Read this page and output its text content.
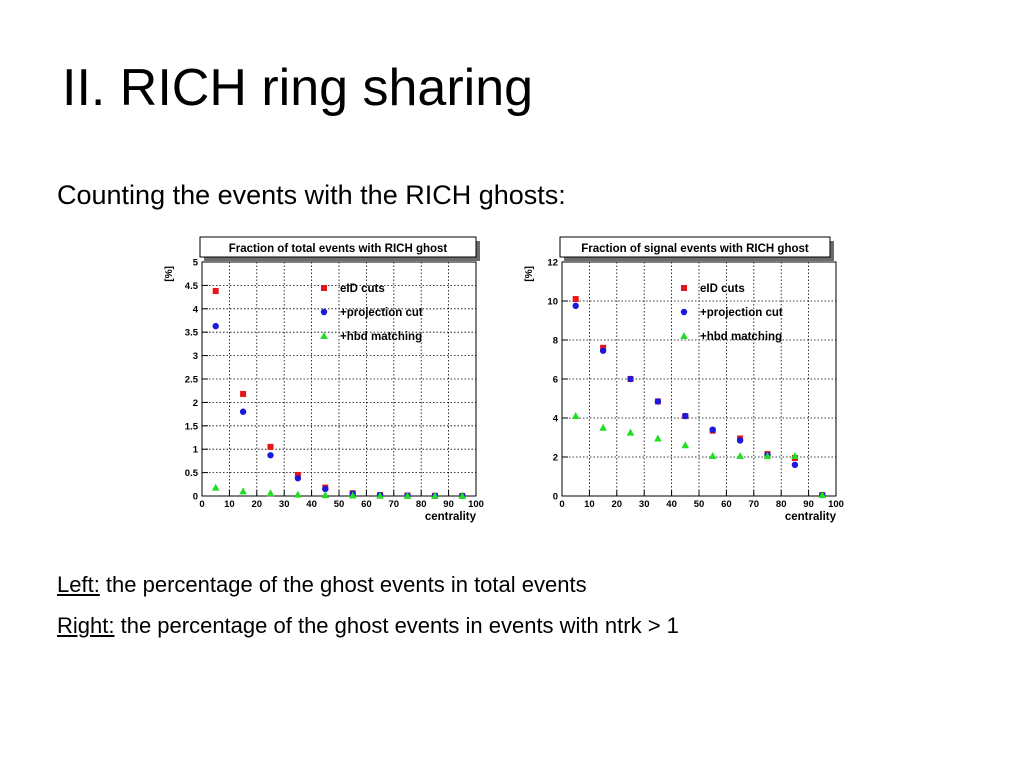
II. RICH ring sharing
Counting the events with the RICH ghosts:
Fraction of total events with RICH ghost
0 10 20 30 40 50 60 70 80 90 100
0
0.5
1
1.5
2
2.5
3
3.5
4
4.5
5
centrality
[%]
eID cuts
+projection cut
+hbd matching
Fraction of signal events with RICH ghost
0 10 20 30 40 50 60 70 80 90 100
0
2
4
6
8
10
12
centrality
[%]
eID cuts
+projection cut
+hbd matching
Left: the percentage of the ghost events in total events
Right: the percentage of the ghost events in events with ntrk > 1
